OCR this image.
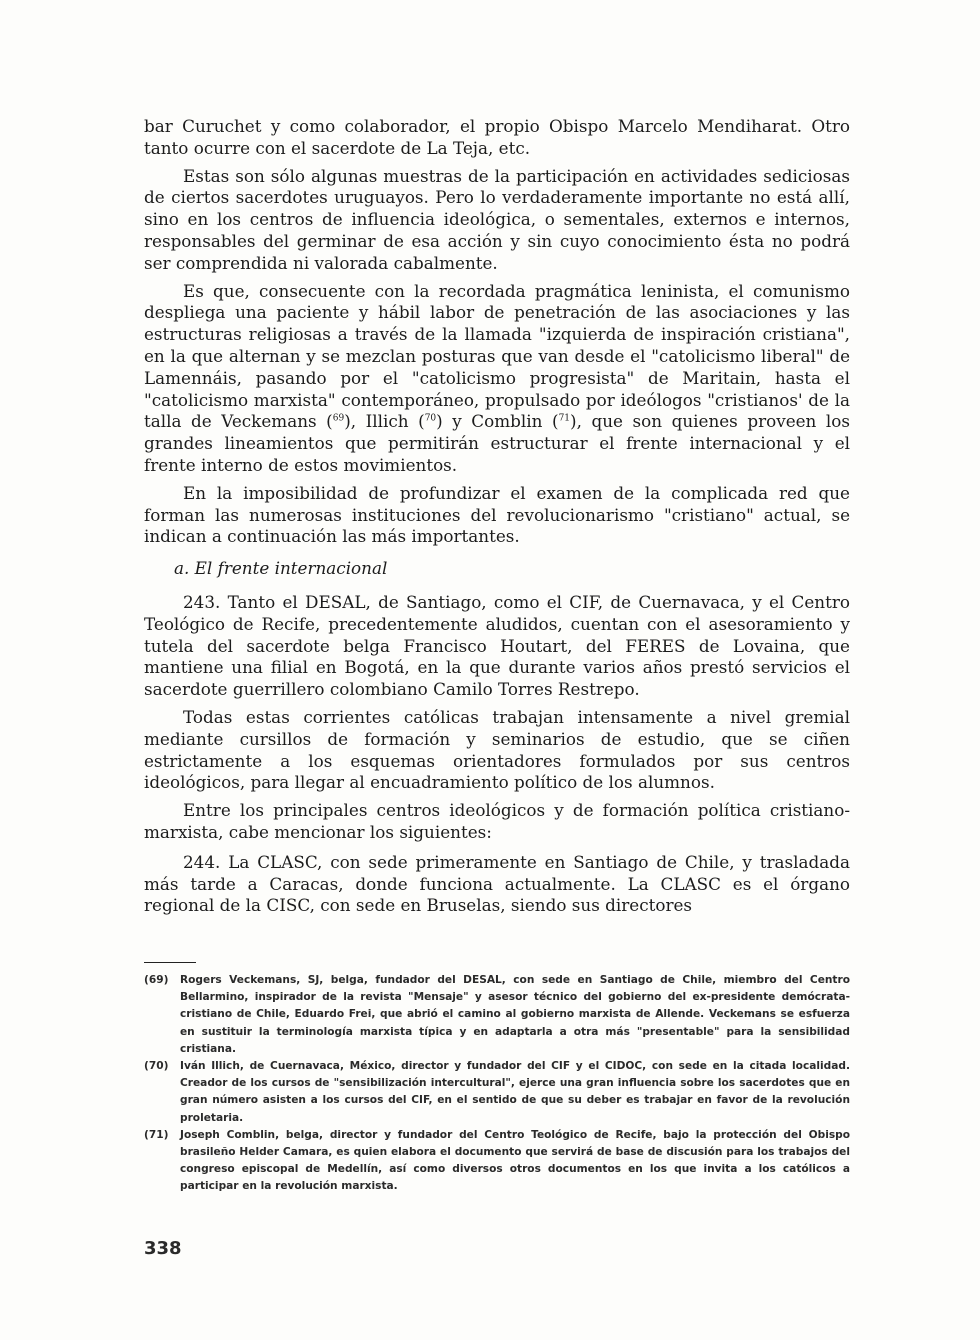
bar Curuchet y como colaborador, el propio Obispo Marcelo Mendiharat. Otro tanto ocurre con el sacerdote de La Teja, etc.

Estas son sólo algunas muestras de la participación en actividades sediciosas de ciertos sacerdotes uruguayos. Pero lo verdaderamente importante no está allí, sino en los centros de influencia ideológica, o sementales, externos e internos, responsables del germinar de esa acción y sin cuyo conocimiento ésta no podrá ser comprendida ni valorada cabalmente.

Es que, consecuente con la recordada pragmática leninista, el comunismo despliega una paciente y hábil labor de penetración de las asociaciones y las estructuras religiosas a través de la llamada "izquierda de inspiración cristiana", en la que alternan y se mezclan posturas que van desde el "catolicismo liberal" de Lamennáis, pasando por el "catolicismo progresista" de Maritain, hasta el "catolicismo marxista" contemporáneo, propulsado por ideólogos "cristianos' de la talla de Veckemans ($^{69}$), Illich ($^{70}$) y Comblin ($^{71}$), que son quienes proveen los grandes lineamientos que permitirán estructurar el frente internacional y el frente interno de estos movimientos.

En la imposibilidad de profundizar el examen de la complicada red que forman las numerosas instituciones del revolucionarismo "cristiano" actual, se indican a continuación las más importantes.

a. El frente internacional

243. Tanto el DESAL, de Santiago, como el CIF, de Cuernavaca, y el Centro Teológico de Recife, precedentemente aludidos, cuentan con el asesoramiento y tutela del sacerdote belga Francisco Houtart, del FERES de Lovaina, que mantiene una filial en Bogotá, en la que durante varios años prestó servicios el sacerdote guerrillero colombiano Camilo Torres Restrepo.

Todas estas corrientes católicas trabajan intensamente a nivel gremial mediante cursillos de formación y seminarios de estudio, que se ciñen estrictamente a los esquemas orientadores formulados por sus centros ideológicos, para llegar al encuadramiento político de los alumnos.

Entre los principales centros ideológicos y de formación política cristiano-marxista, cabe mencionar los siguientes:

244. La CLASC, con sede primeramente en Santiago de Chile, y trasladada más tarde a Caracas, donde funciona actualmente. La CLASC es el órgano regional de la CISC, con sede en Bruselas, siendo sus directores

(69)	Rogers Veckemans, SJ, belga, fundador del DESAL, con sede en Santiago de Chile, miembro del Centro Bellarmino, inspirador de la revista "Mensaje" y asesor técnico del gobierno del ex-presidente demócrata-cristiano de Chile, Eduardo Frei, que abrió el camino al gobierno marxista de Allende. Veckemans se esfuerza en sustituir la terminología marxista típica y en adaptarla a otra más "presentable" para la sensibilidad cristiana.
(70)	Iván Illich, de Cuernavaca, México, director y fundador del CIF y el CIDOC, con sede en la citada localidad. Creador de los cursos de "sensibilización intercultural", ejerce una gran influencia sobre los sacerdotes que en gran número asisten a los cursos del CIF, en el sentido de que su deber es trabajar en favor de la revolución proletaria.
(71)	Joseph Comblin, belga, director y fundador del Centro Teológico de Recife, bajo la protección del Obispo brasileño Helder Camara, es quien elabora el documento que servirá de base de discusión para los trabajos del congreso episcopal de Medellín, así como diversos otros documentos en los que invita a los católicos a participar en la revolución marxista.
338
